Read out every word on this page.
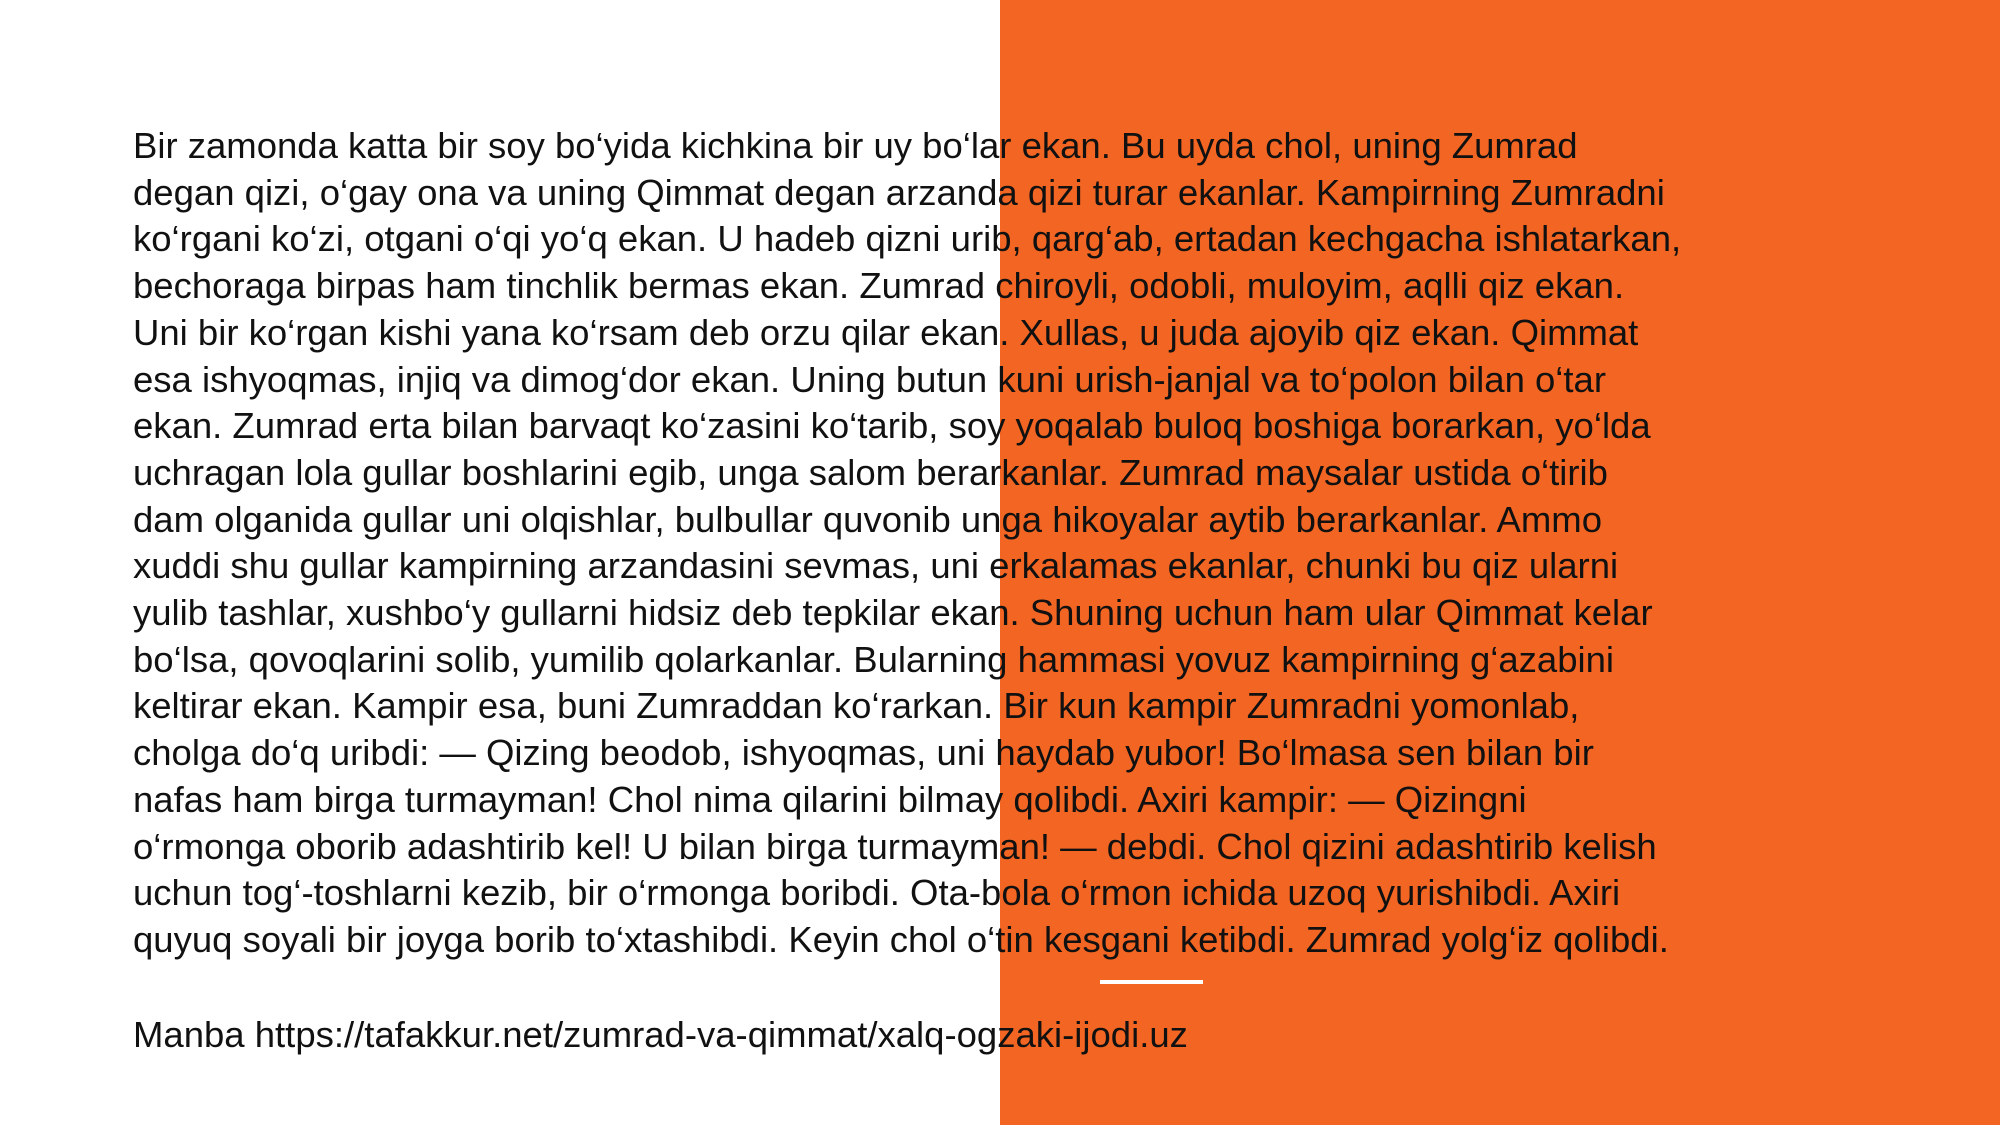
Bir zamonda katta bir soy bo‘yida kichkina bir uy bo‘lar ekan. Bu uyda chol, uning Zumrad
degan qizi, o‘gay ona va uning Qimmat degan arzanda qizi turar ekanlar. Kampirning Zumradni
ko‘rgani ko‘zi, otgani o‘qi yo‘q ekan. U hadeb qizni urib, qarg‘ab, ertadan kechgacha ishlatarkan,
bechoraga birpas ham tinchlik bermas ekan. Zumrad chiroyli, odobli, muloyim, aqlli qiz ekan.
Uni bir ko‘rgan kishi yana ko‘rsam deb orzu qilar ekan. Xullas, u juda ajoyib qiz ekan. Qimmat
esa ishyoqmas, injiq va dimog‘dor ekan. Uning butun kuni urish-janjal va to‘polon bilan o‘tar
ekan. Zumrad erta bilan barvaqt ko‘zasini ko‘tarib, soy yoqalab buloq boshiga borarkan, yo‘lda
uchragan lola gullar boshlarini egib, unga salom berarkanlar. Zumrad maysalar ustida o‘tirib
dam olganida gullar uni olqishlar, bulbullar quvonib unga hikoyalar aytib berarkanlar. Ammo
xuddi shu gullar kampirning arzandasini sevmas, uni erkalamas ekanlar, chunki bu qiz ularni
yulib tashlar, xushbo‘y gullarni hidsiz deb tepkilar ekan. Shuning uchun ham ular Qimmat kelar
bo‘lsa, qovoqlarini solib, yumilib qolarkanlar. Bularning hammasi yovuz kampirning g‘azabini
keltirar ekan. Kampir esa, buni Zumraddan ko‘rarkan. Bir kun kampir Zumradni yomonlab,
cholga do‘q uribdi: — Qizing beodob, ishyoqmas, uni haydab yubor! Bo‘lmasa sen bilan bir
nafas ham birga turmayman! Chol nima qilarini bilmay qolibdi. Axiri kampir: — Qizingni
o‘rmonga oborib adashtirib kel! U bilan birga turmayman! — debdi. Chol qizini adashtirib kelish
uchun tog‘-toshlarni kezib, bir o‘rmonga boribdi. Ota-bola o‘rmon ichida uzoq yurishibdi. Axiri
quyuq soyali bir joyga borib to‘xtashibdi. Keyin chol o‘tin kesgani ketibdi. Zumrad yolg‘iz qolibdi.

Manba https://tafakkur.net/zumrad-va-qimmat/xalq-ogzaki-ijodi.uz
